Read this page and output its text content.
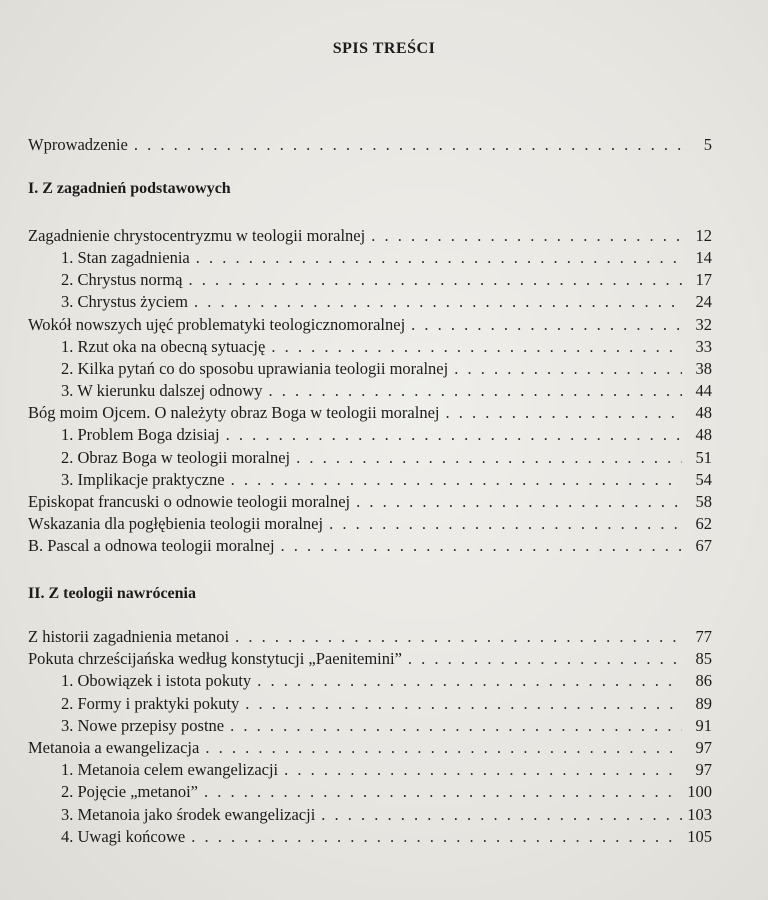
SPIS TREŚCI
Wprowadzenie . . .	5
I. Z zagadnień podstawowych
Zagadnienie chrystocentryzmu w teologii moralnej . . .	12
1. Stan zagadnienia . . .	14
2. Chrystus normą . . .	17
3. Chrystus życiem . . .	24
Wokół nowszych ujęć problematyki teologicznomoralnej . . .	32
1. Rzut oka na obecną sytuację . . .	33
2. Kilka pytań co do sposobu uprawiania teologii moralnej . . .	38
3. W kierunku dalszej odnowy . . .	44
Bóg moim Ojcem. O należyty obraz Boga w teologii moralnej . . .	48
1. Problem Boga dzisiaj . . .	48
2. Obraz Boga w teologii moralnej . . .	51
3. Implikacje praktyczne . . .	54
Episkopat francuski o odnowie teologii moralnej . . .	58
Wskazania dla pogłębienia teologii moralnej . . .	62
B. Pascal a odnowa teologii moralnej . . .	67
II. Z teologii nawrócenia
Z historii zagadnienia metanoi . . .	77
Pokuta chrześcijańska według konstytucji „Paenitemini” . . .	85
1. Obowiązek i istota pokuty . . .	86
2. Formy i praktyki pokuty . . .	89
3. Nowe przepisy postne . . .	91
Metanoia a ewangelizacja . . .	97
1. Metanoia celem ewangelizacji . . .	97
2. Pojęcie „metanoi” . . .	100
3. Metanoia jako środek ewangelizacji . . .	103
4. Uwagi końcowe . . .	105
